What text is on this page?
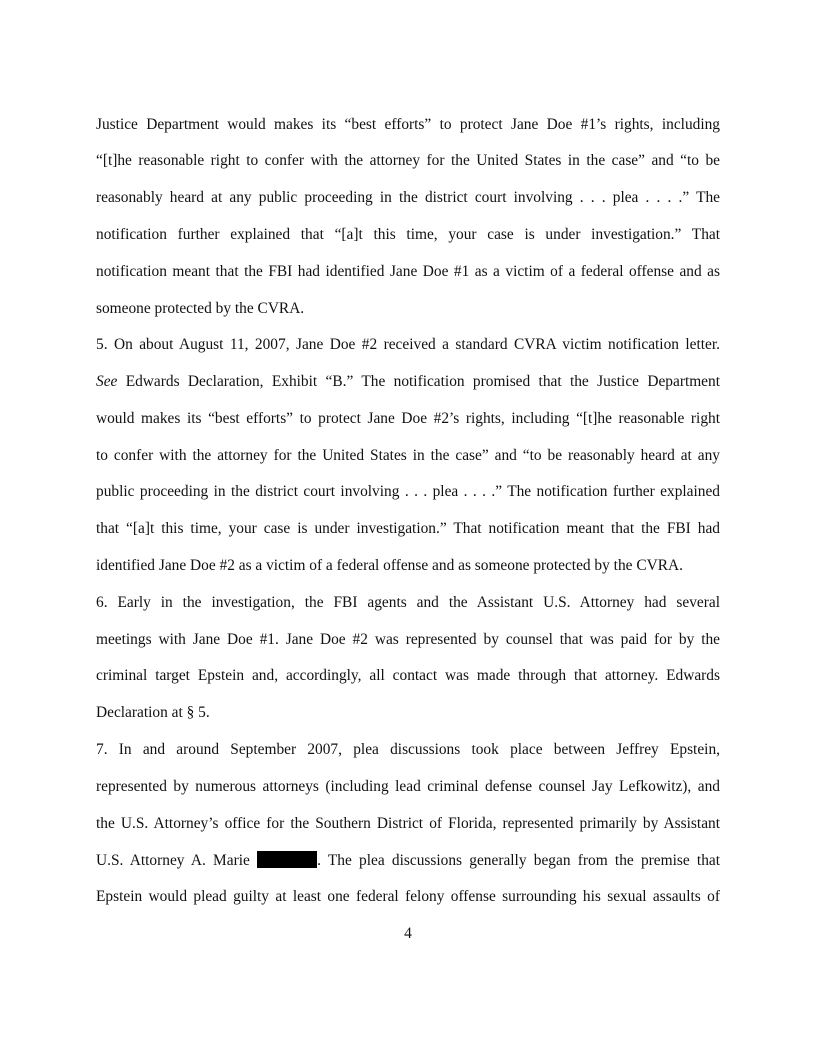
Justice Department would makes its “best efforts” to protect Jane Doe #1’s rights, including
“[t]he reasonable right to confer with the attorney for the United States in the case” and “to be
reasonably heard at any public proceeding in the district court involving . . . plea . . . .” The
notification further explained that “[a]t this time, your case is under investigation.” That
notification meant that the FBI had identified Jane Doe #1 as a victim of a federal offense and as
someone protected by the CVRA.
5. On about August 11, 2007, Jane Doe #2 received a standard CVRA victim notification letter.
See Edwards Declaration, Exhibit “B.” The notification promised that the Justice Department
would makes its “best efforts” to protect Jane Doe #2’s rights, including “[t]he reasonable right
to confer with the attorney for the United States in the case” and “to be reasonably heard at any
public proceeding in the district court involving . . . plea . . . .” The notification further explained
that “[a]t this time, your case is under investigation.” That notification meant that the FBI had
identified Jane Doe #2 as a victim of a federal offense and as someone protected by the CVRA.
6. Early in the investigation, the FBI agents and the Assistant U.S. Attorney had several
meetings with Jane Doe #1. Jane Doe #2 was represented by counsel that was paid for by the
criminal target Epstein and, accordingly, all contact was made through that attorney. Edwards
Declaration at § 5.
7. In and around September 2007, plea discussions took place between Jeffrey Epstein,
represented by numerous attorneys (including lead criminal defense counsel Jay Lefkowitz), and
the U.S. Attorney’s office for the Southern District of Florida, represented primarily by Assistant
U.S. Attorney A. Marie	. The plea discussions generally began from the premise that
Epstein would plead guilty at least one federal felony offense surrounding his sexual assaults of
4
